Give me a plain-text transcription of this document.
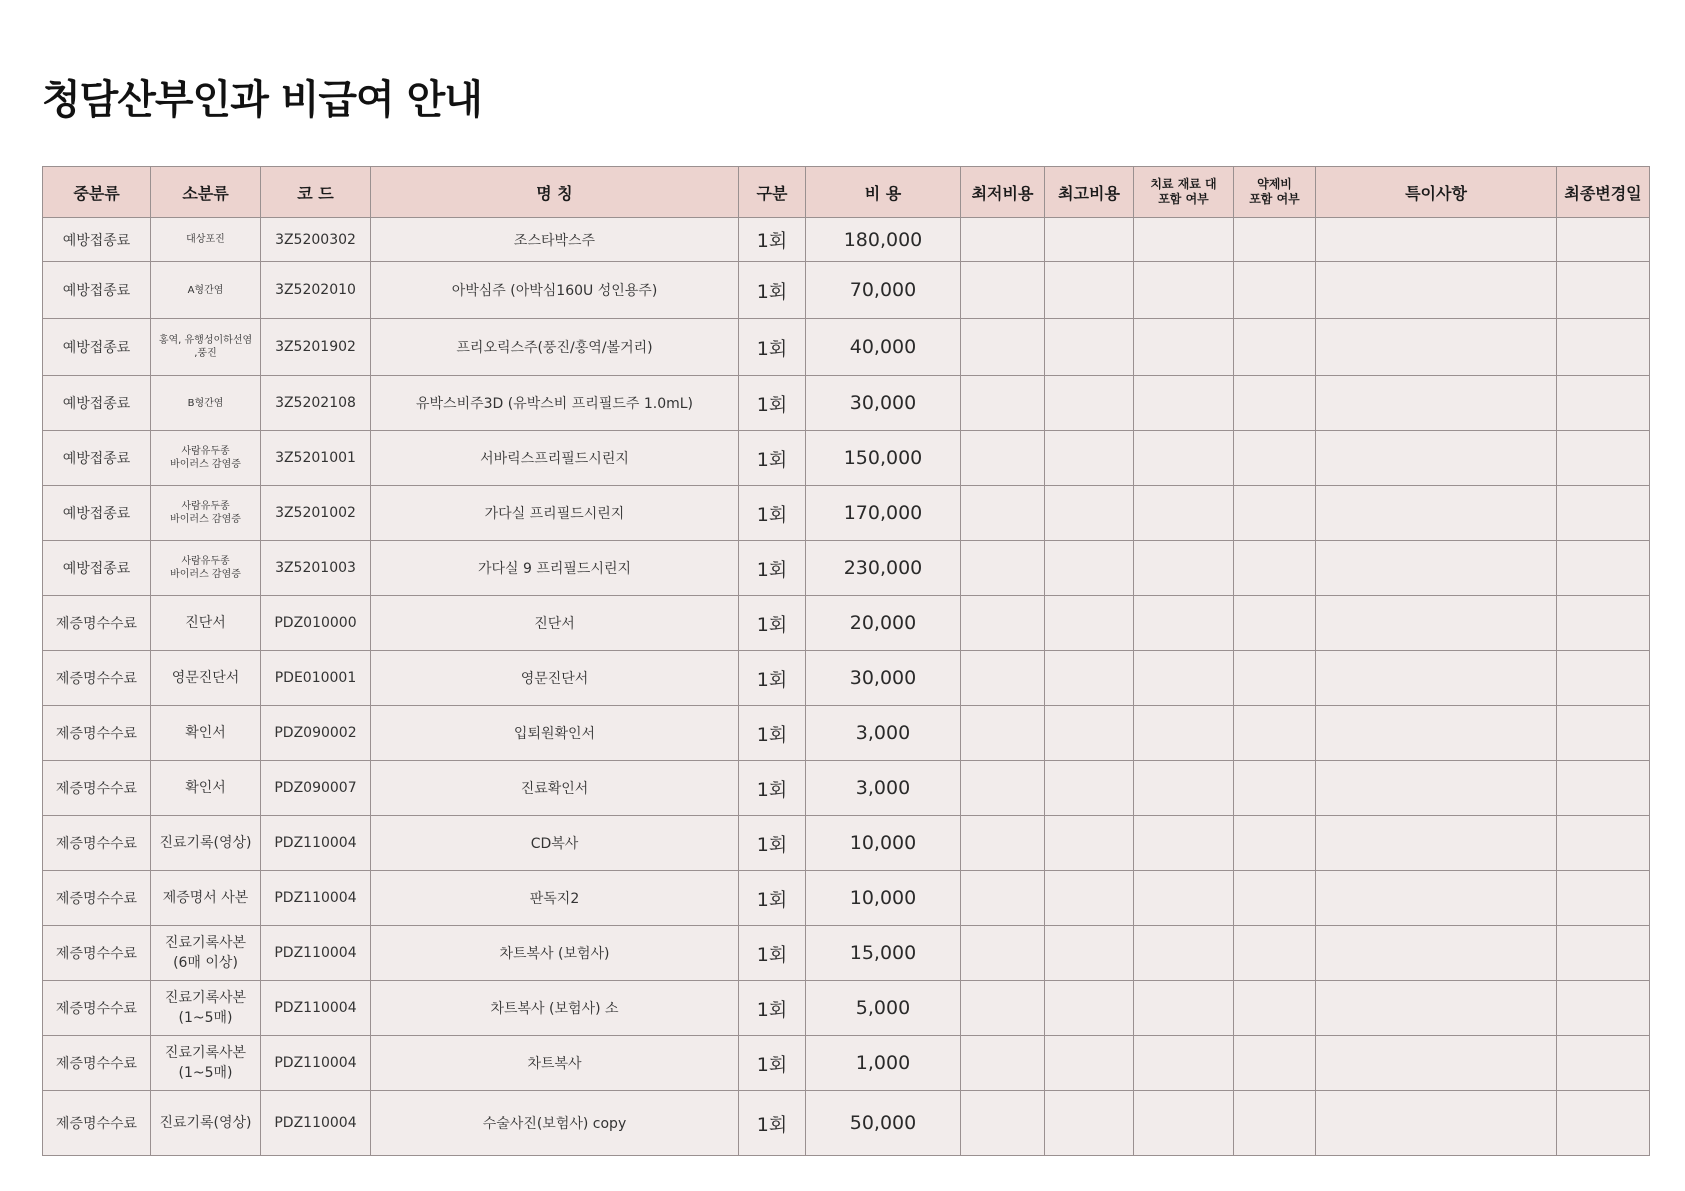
청담산부인과 비급여 안내
중분류	소분류	코 드	명 칭	구분	비 용	최저비용	최고비용	치료 재료 대
포함 여부	약제비
포함 여부	특이사항	최종변경일
예방접종료	대상포진	3Z5200302	조스타박스주	1회	180,000						
예방접종료	A형간염	3Z5202010	아박심주 (아박심160U 성인용주)	1회	70,000						
예방접종료	홍역, 유행성이하선염
,풍진	3Z5201902	프리오릭스주(풍진/홍역/볼거리)	1회	40,000						
예방접종료	B형간염	3Z5202108	유박스비주3D (유박스비 프리필드주 1.0mL)	1회	30,000						
예방접종료	사람유두종
바이러스 감염증	3Z5201001	서바릭스프리필드시린지	1회	150,000						
예방접종료	사람유두종
바이러스 감염증	3Z5201002	가다실 프리필드시린지	1회	170,000						
예방접종료	사람유두종
바이러스 감염증	3Z5201003	가다실 9 프리필드시린지	1회	230,000						
제증명수수료	진단서	PDZ010000	진단서	1회	20,000						
제증명수수료	영문진단서	PDE010001	영문진단서	1회	30,000						
제증명수수료	확인서	PDZ090002	입퇴원확인서	1회	3,000						
제증명수수료	확인서	PDZ090007	진료확인서	1회	3,000						
제증명수수료	진료기록(영상)	PDZ110004	CD복사	1회	10,000						
제증명수수료	제증명서 사본	PDZ110004	판독지2	1회	10,000						
제증명수수료	진료기록사본
(6매 이상)	PDZ110004	차트복사 (보험사)	1회	15,000						
제증명수수료	진료기록사본
(1~5매)	PDZ110004	차트복사 (보험사) 소	1회	5,000						
제증명수수료	진료기록사본
(1~5매)	PDZ110004	차트복사	1회	1,000						
제증명수수료	진료기록(영상)	PDZ110004	수술사진(보험사) copy	1회	50,000						
